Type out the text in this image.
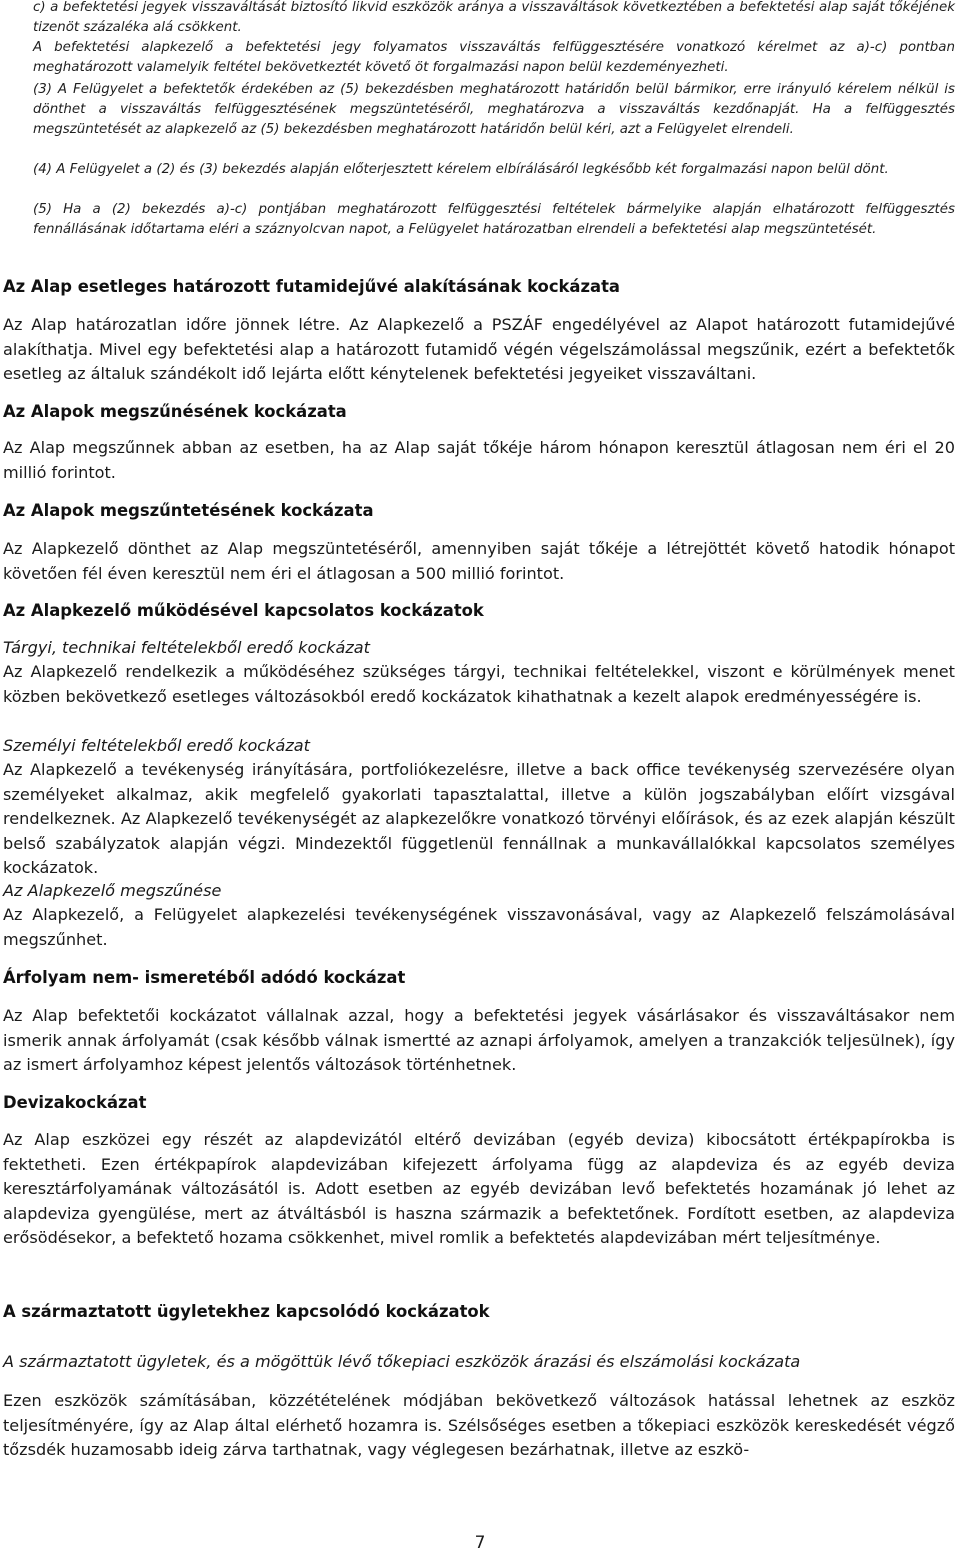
c) a befektetési jegyek visszaváltását biztosító likvid eszközök aránya a visszaváltások következtében a befektetési alap saját tőkéjének tizenöt százaléka alá csökkent.

A befektetési alapkezelő a befektetési jegy folyamatos visszaváltás felfüggesztésére vonatkozó kérelmet az a)-c) pontban meghatározott valamelyik feltétel bekövetkeztét követő öt forgalmazási napon belül kezdeményezheti.

(3) A Felügyelet a befektetők érdekében az (5) bekezdésben meghatározott határidőn belül bármikor, erre irányuló kérelem nélkül is dönthet a visszaváltás felfüggesztésének megszüntetéséről, meghatározva a visszaváltás kezdőnapját. Ha a felfüggesztés megszüntetését az alapkezelő az (5) bekezdésben meghatározott határidőn belül kéri, azt a Felügyelet elrendeli.

(4) A Felügyelet a (2) és (3) bekezdés alapján előterjesztett kérelem elbírálásáról legkésőbb két forgalmazási napon belül dönt.

(5) Ha a (2) bekezdés a)-c) pontjában meghatározott felfüggesztési feltételek bármelyike alapján elhatározott felfüggesztés fennállásának időtartama eléri a száznyolcvan napot, a Felügyelet határozatban elrendeli a befektetési alap megszüntetését.

Az Alap esetleges határozott futamidejűvé alakításának kockázata

Az Alap határozatlan időre jönnek létre. Az Alapkezelő a PSZÁF engedélyével az Alapot határozott futamidejűvé alakíthatja. Mivel egy befektetési alap a határozott futamidő végén végelszámolással megszűnik, ezért a befektetők esetleg az általuk szándékolt idő lejárta előtt kénytelenek befektetési jegyeiket visszaváltani.

Az Alapok megszűnésének kockázata

Az Alap megszűnnek abban az esetben, ha az Alap saját tőkéje három hónapon keresztül átlagosan nem éri el 20 millió forintot.

Az Alapok megszűntetésének kockázata

Az Alapkezelő dönthet az Alap megszüntetéséről, amennyiben saját tőkéje a létrejöttét követő hatodik hónapot követően fél éven keresztül nem éri el átlagosan a 500 millió forintot.

Az Alapkezelő működésével kapcsolatos kockázatok

Tárgyi, technikai feltételekből eredő kockázat

Az Alapkezelő rendelkezik a működéséhez szükséges tárgyi, technikai feltételekkel, viszont e körülmények menet közben bekövetkező esetleges változásokból eredő kockázatok kihathatnak a kezelt alapok eredményességére is.

Személyi feltételekből eredő kockázat

Az Alapkezelő a tevékenység irányítására, portfoliókezelésre, illetve a back office tevékenység szervezésére olyan személyeket alkalmaz, akik megfelelő gyakorlati tapasztalattal, illetve a külön jogszabályban előírt vizsgával rendelkeznek. Az Alapkezelő tevékenységét az alapkezelőkre vonatkozó törvényi előírások, és az ezek alapján készült belső szabályzatok alapján végzi. Mindezektől függetlenül fennállnak a munkavállalókkal kapcsolatos személyes kockázatok.

Az Alapkezelő megszűnése

Az Alapkezelő, a Felügyelet alapkezelési tevékenységének visszavonásával, vagy az Alapkezelő felszámolásával megszűnhet.

Árfolyam nem- ismeretéből adódó kockázat

Az Alap befektetői kockázatot vállalnak azzal, hogy a befektetési jegyek vásárlásakor és visszaváltásakor nem ismerik annak árfolyamát (csak később válnak ismertté az aznapi árfolyamok, amelyen a tranzakciók teljesülnek), így az ismert árfolyamhoz képest jelentős változások történhetnek.

Devizakockázat

Az Alap eszközei egy részét az alapdevizától eltérő devizában (egyéb deviza) kibocsátott értékpapírokba is fektetheti. Ezen értékpapírok alapdevizában kifejezett árfolyama függ az alapdeviza és az egyéb deviza keresztárfolyamának változásától is. Adott esetben az egyéb devizában levő befektetés hozamának jó lehet az alapdeviza gyengülése, mert az átváltásból is haszna származik a befektetőnek. Fordított esetben, az alapdeviza erősödésekor, a befektető hozama csökkenhet, mivel romlik a befektetés alapdevizában mért teljesítménye.

A származtatott ügyletekhez kapcsolódó kockázatok

A származtatott ügyletek, és a mögöttük lévő tőkepiaci eszközök árazási és elszámolási kockázata

Ezen eszközök számításában, közzétételének módjában bekövetkező változások hatással lehetnek az eszköz teljesítményére, így az Alap által elérhető hozamra is. Szélsőséges esetben a tőkepiaci eszközök kereskedését végző tőzsdék huzamosabb ideig zárva tarthatnak, vagy véglegesen bezárhatnak, illetve az eszkö-

7
